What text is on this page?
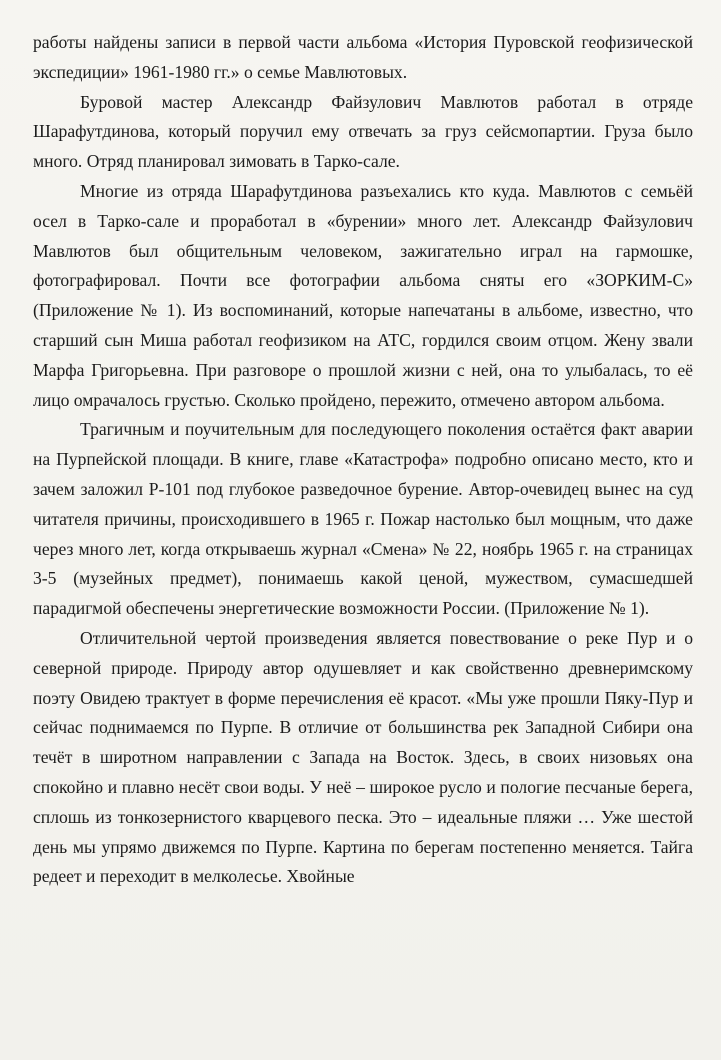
работы найдены записи в первой части альбома «История Пуровской геофизической экспедиции» 1961-1980 гг.» о семье Мавлютовых.

Буровой мастер Александр Файзулович Мавлютов работал в отряде Шарафутдинова, который поручил ему отвечать за груз сейсмопартии. Груза было много. Отряд планировал зимовать в Тарко-сале.

Многие из отряда Шарафутдинова разъехались кто куда. Мавлютов с семьёй осел в Тарко-сале и проработал в «бурении» много лет. Александр Файзулович Мавлютов был общительным человеком, зажигательно играл на гармошке, фотографировал. Почти все фотографии альбома сняты его «ЗОРКИМ-С» (Приложение № 1). Из воспоминаний, которые напечатаны в альбоме, известно, что старший сын Миша работал геофизиком на АТС, гордился своим отцом. Жену звали Марфа Григорьевна. При разговоре о прошлой жизни с ней, она то улыбалась, то её лицо омрачалось грустью. Сколько пройдено, пережито, отмечено автором альбома.

Трагичным и поучительным для последующего поколения остаётся факт аварии на Пурпейской площади. В книге, главе «Катастрофа» подробно описано место, кто и зачем заложил Р-101 под глубокое разведочное бурение. Автор-очевидец вынес на суд читателя причины, происходившего в 1965 г. Пожар настолько был мощным, что даже через много лет, когда открываешь журнал «Смена» № 22, ноябрь 1965 г. на страницах 3-5 (музейных предмет), понимаешь какой ценой, мужеством, сумасшедшей парадигмой обеспечены энергетические возможности России. (Приложение № 1).

Отличительной чертой произведения является повествование о реке Пур и о северной природе. Природу автор одушевляет и как свойственно древнеримскому поэту Овидею трактует в форме перечисления её красот. «Мы уже прошли Пяку-Пур и сейчас поднимаемся по Пурпе. В отличие от большинства рек Западной Сибири она течёт в широтном направлении с Запада на Восток. Здесь, в своих низовьях она спокойно и плавно несёт свои воды. У неё – широкое русло и пологие песчаные берега, сплошь из тонкозернистого кварцевого песка. Это – идеальные пляжи … Уже шестой день мы упрямо движемся по Пурпе. Картина по берегам постепенно меняется. Тайга редеет и переходит в мелколесье. Хвойные
